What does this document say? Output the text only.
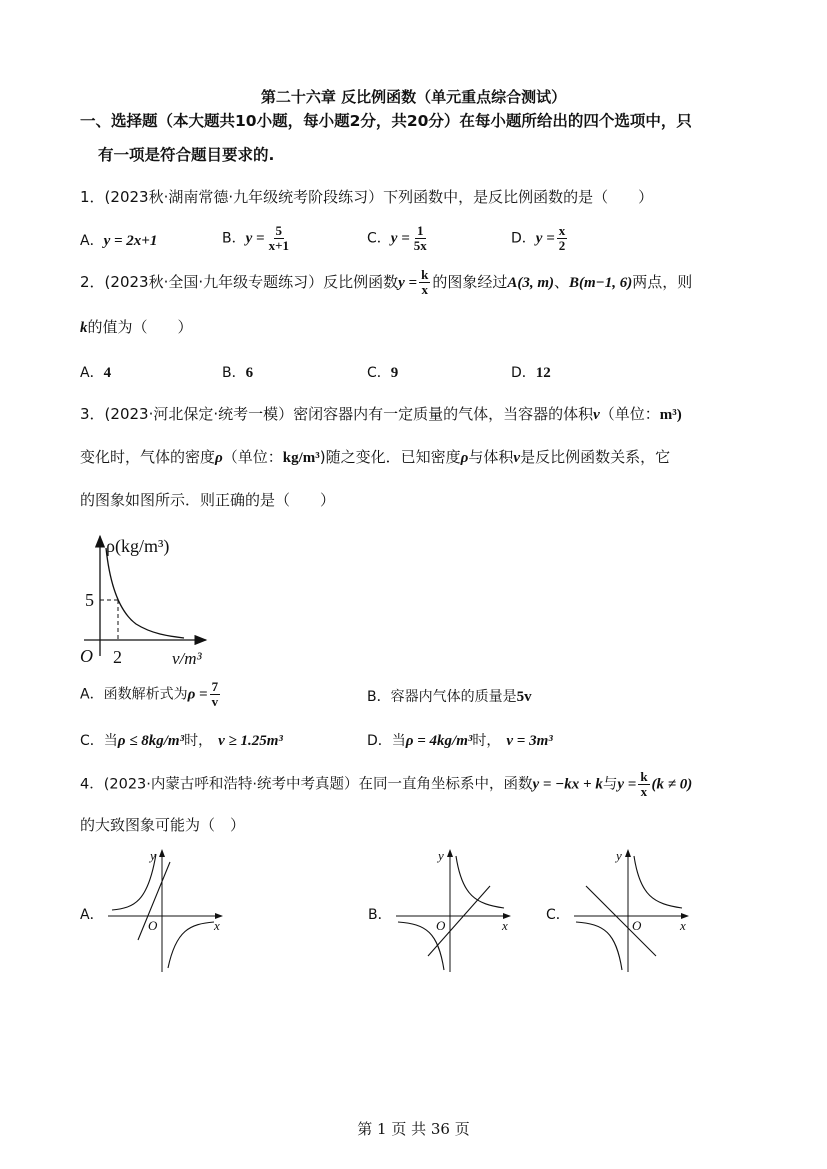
第二十六章 反比例函数（单元重点综合测试）
一、选择题（本大题共10小题，每小题2分，共20分）在每小题所给出的四个选项中，只
有一项是符合题目要求的.
1．(2023秋·湖南常德·九年级统考阶段练习）下列函数中，是反比例函数的是（　　）
A．y = 2x+1	B．$y = \frac{5}{x+1}$	C．$y = \frac{1}{5x}$	D．$y = \frac{x}{2}$
2．(2023秋·全国·九年级专题练习）反比例函数$y = \frac{k}{x}$ 的图象经过A(3, m)、B(m−1, 6)两点，则
k的值为（　　）
A．4	B．6	C．9	D．12
3．(2023·河北保定·统考一模）密闭容器内有一定质量的气体，当容器的体积v（单位：m³)
变化时，气体的密度ρ（单位：kg/m³)随之变化．已知密度ρ与体积v是反比例函数关系，它
的图象如图所示．则正确的是（　　）
ρ(kg/m³)
v/m³
O 2
5
A．函数解析式为$\rho = \frac{7}{v}$	B．容器内气体的质量是5v
C．当ρ ≤ 8kg/m³时， v ≥ 1.25m³	D．当ρ = 4kg/m³时， v = 3m³
4．(2023·内蒙古呼和浩特·统考中考真题）在同一直角坐标系中，函数y = −kx + k与$y = \frac{k}{x} (k \ne 0)$
的大致图象可能为（　）
A．
y
x
O
B．
y
x
O
C．
y
x
O
第 1 页 共 36 页
